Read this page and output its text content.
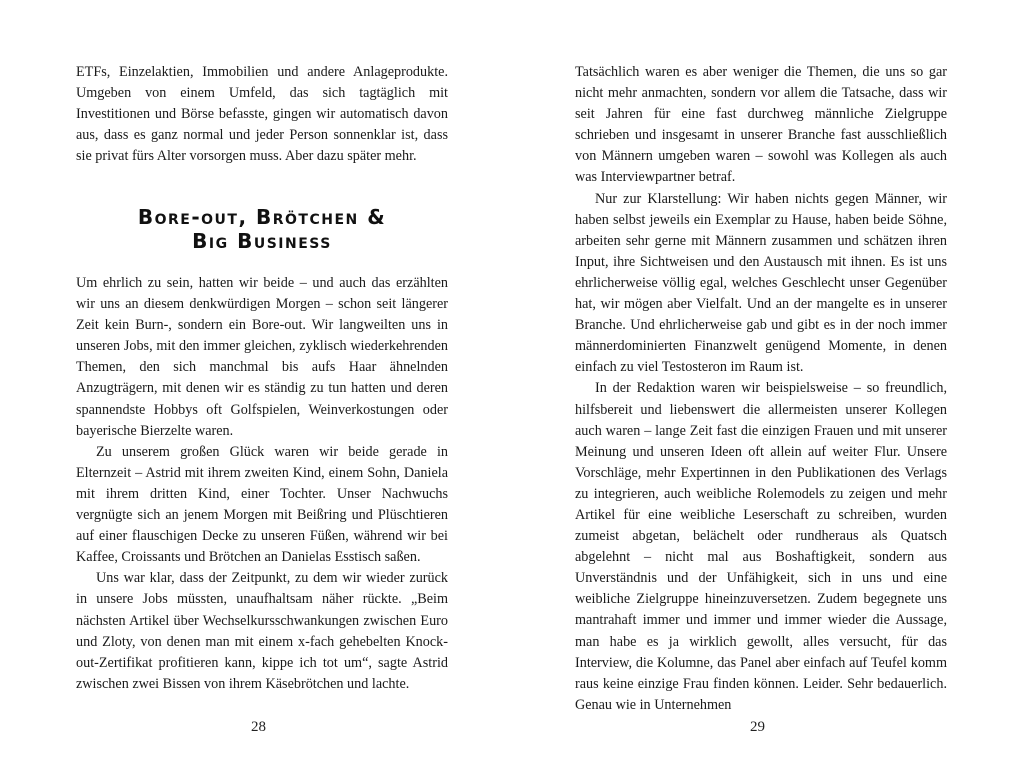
ETFs, Einzelaktien, Immobilien und andere Anlageprodukte. Umgeben von einem Umfeld, das sich tagtäglich mit Investitionen und Börse befasste, gingen wir automatisch davon aus, dass es ganz normal und jeder Person sonnenklar ist, dass sie privat fürs Alter vorsorgen muss. Aber dazu später mehr.

Bore-out, Brötchen &
Big Business

Um ehrlich zu sein, hatten wir beide – und auch das erzählten wir uns an diesem denkwürdigen Morgen – schon seit längerer Zeit kein Burn-, sondern ein Bore-out. Wir langweilten uns in unseren Jobs, mit den immer gleichen, zyklisch wiederkehrenden Themen, den sich manchmal bis aufs Haar ähnelnden Anzugträgern, mit denen wir es ständig zu tun hatten und deren spannendste Hobbys oft Golfspielen, Weinverkostungen oder bayerische Bierzelte waren.

Zu unserem großen Glück waren wir beide gerade in Elternzeit – Astrid mit ihrem zweiten Kind, einem Sohn, Daniela mit ihrem dritten Kind, einer Tochter. Unser Nachwuchs vergnügte sich an jenem Morgen mit Beißring und Plüschtieren auf einer flauschigen Decke zu unseren Füßen, während wir bei Kaffee, Croissants und Brötchen an Danielas Esstisch saßen.

Uns war klar, dass der Zeitpunkt, zu dem wir wieder zurück in unsere Jobs müssten, unaufhaltsam näher rückte. „Beim nächsten Artikel über Wechselkursschwankungen zwischen Euro und Zloty, von denen man mit einem x-fach gehebelten Knock-out-Zertifikat profitieren kann, kippe ich tot um“, sagte Astrid zwischen zwei Bissen von ihrem Käsebrötchen und lachte.

28

Tatsächlich waren es aber weniger die Themen, die uns so gar nicht mehr anmachten, sondern vor allem die Tatsache, dass wir seit Jahren für eine fast durchweg männliche Zielgruppe schrieben und insgesamt in unserer Branche fast ausschließlich von Männern umgeben waren – sowohl was Kollegen als auch was Interviewpartner betraf.

Nur zur Klarstellung: Wir haben nichts gegen Männer, wir haben selbst jeweils ein Exemplar zu Hause, haben beide Söhne, arbeiten sehr gerne mit Männern zusammen und schätzen ihren Input, ihre Sichtweisen und den Austausch mit ihnen. Es ist uns ehrlicherweise völlig egal, welches Geschlecht unser Gegenüber hat, wir mögen aber Vielfalt. Und an der mangelte es in unserer Branche. Und ehrlicherweise gab und gibt es in der noch immer männerdominierten Finanzwelt genügend Momente, in denen einfach zu viel Testosteron im Raum ist.

In der Redaktion waren wir beispielsweise – so freundlich, hilfsbereit und liebenswert die allermeisten unserer Kollegen auch waren – lange Zeit fast die einzigen Frauen und mit unserer Meinung und unseren Ideen oft allein auf weiter Flur. Unsere Vorschläge, mehr Expertinnen in den Publikationen des Verlags zu integrieren, auch weibliche Rolemodels zu zeigen und mehr Artikel für eine weibliche Leserschaft zu schreiben, wurden zumeist abgetan, belächelt oder rundheraus als Quatsch abgelehnt – nicht mal aus Boshaftigkeit, sondern aus Unverständnis und der Unfähigkeit, sich in uns und eine weibliche Zielgruppe hineinzuversetzen. Zudem begegnete uns mantrahaft immer und immer und immer wieder die Aussage, man habe es ja wirklich gewollt, alles versucht, für das Interview, die Kolumne, das Panel aber einfach auf Teufel komm raus keine einzige Frau finden können. Leider. Sehr bedauerlich. Genau wie in Unternehmen

29
